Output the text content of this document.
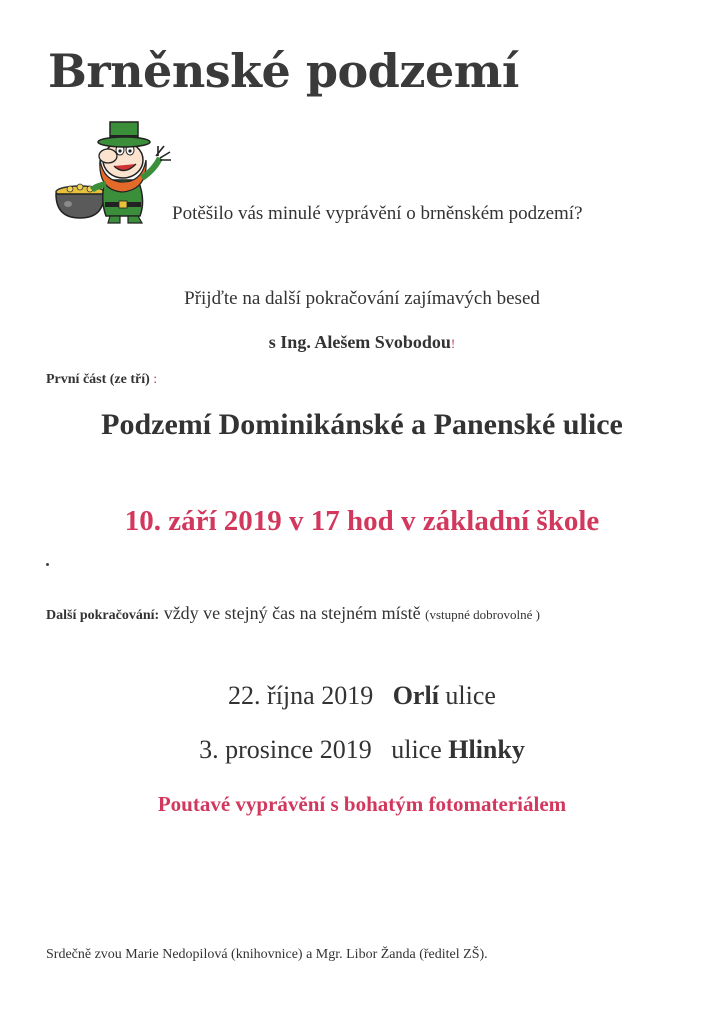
Brněnské podzemí
Potěšilo vás minulé vyprávění o brněnském podzemí?
Přijďte na další pokračování zajímavých besed
s Ing. Alešem Svobodou!
První část (ze tří) :
Podzemí Dominikánské a Panenské ulice
10. září 2019 v 17 hod v základní škole
Další pokračování: vždy ve stejný čas na stejném místě (vstupné dobrovolné )
22. října 2019 Orlí ulice
3. prosince 2019 ulice Hlinky
Poutavé vyprávění s bohatým fotomateriálem
Srdečně zvou Marie Nedopilová (knihovnice) a Mgr. Libor Žanda (ředitel ZŠ).
